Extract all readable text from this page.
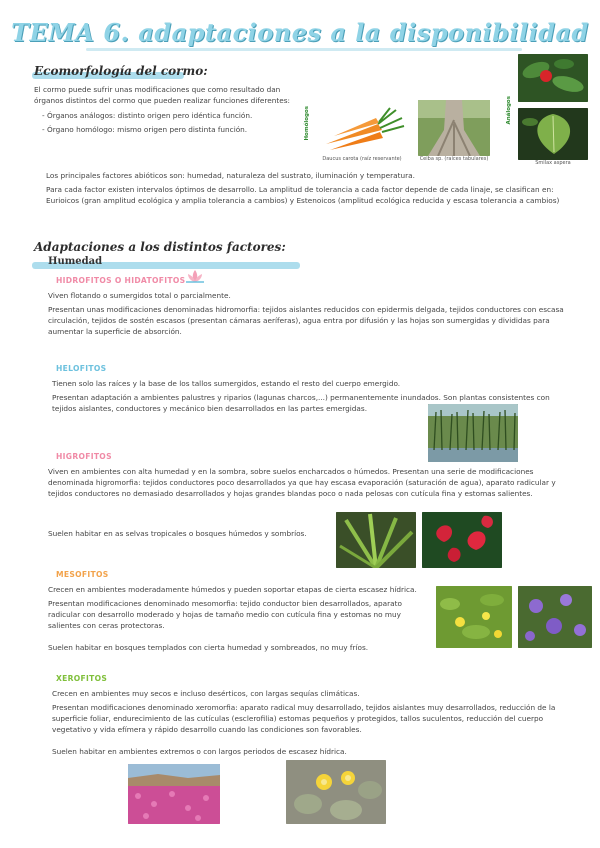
TEMA 6. adaptaciones a la disponibilidad
Ecomorfología del cormo:
El cormo puede sufrir unas modificaciones que como resultado dan órganos distintos del cormo que pueden realizar funciones diferentes:
- Órganos análogos: distinto origen pero idéntica función.
- Órgano homólogo: mismo origen pero distinta función.	Homólogos
Daucus carota (raíz reservante)	Ceiba sp. (raíces tabulares)
Análogos	Ruscus aculeatus
Smilax aspera
Los principales factores abióticos son: humedad, naturaleza del sustrato, iluminación y temperatura.
Para cada factor existen intervalos óptimos de desarrollo. La amplitud de tolerancia a cada factor depende de cada linaje, se clasifican en: Eurioicos (gran amplitud ecológica y amplia tolerancia a cambios) y Estenoicos (amplitud ecológica reducida y escasa tolerancia a cambios)
Adaptaciones a los distintos factores:
Humedad
HIDROFITOS O HIDATOFITOS
Viven flotando o sumergidos total o parcialmente.
Presentan unas modificaciones denominadas hidromorfia: tejidos aislantes reducidos con epidermis delgada, tejidos conductores con escasa circulación, tejidos de sostén escasos (presentan cámaras aeríferas), agua entra por difusión y las hojas son sumergidas y divididas para aumentar la superficie de absorción.
HELOFITOS
Tienen solo las raíces y la base de los tallos sumergidos, estando el resto del cuerpo emergido.
Presentan adaptación a ambientes palustres y riparios (lagunas charcos,...) permanentemente inundados. Son plantas consistentes con tejidos aislantes, conductores y mecánico bien desarrollados en las partes emergidas.
HIGROFITOS
Viven en ambientes con alta humedad y en la sombra, sobre suelos encharcados o húmedos. Presentan una serie de modificaciones denominada higromorfia: tejidos conductores poco desarrollados ya que hay escasa evaporación (saturación de agua), aparato radicular y tejidos conductores no demasiado desarrollados y hojas grandes blandas poco o nada pelosas con cutícula fina y estomas salientes.
Suelen habitar en as selvas tropicales o bosques húmedos y sombríos.
MESOFITOS
Crecen en ambientes moderadamente húmedos y pueden soportar etapas de cierta escasez hídrica.
Presentan modificaciones denominado mesomorfia: tejido conductor bien desarrollados, aparato radicular con desarrollo moderado y hojas de tamaño medio con cutícula fina y estomas no muy salientes con ceras protectoras.
Suelen habitar en bosques templados con cierta humedad y sombreados, no muy fríos.
XEROFITOS
Crecen en ambientes muy secos e incluso desérticos, con largas sequías climáticas.
Presentan modificaciones denominado xeromorfia: aparato radical muy desarrollado, tejidos aislantes muy desarrollados, reducción de la superficie foliar, endurecimiento de las cutículas (esclerofilia) estomas pequeños y protegidos, tallos suculentos, reducción del cuerpo vegetativo y vida efímera y rápido desarrollo cuando las condiciones son favorables.
Suelen habitar en ambientes extremos o con largos periodos de escasez hídrica.
